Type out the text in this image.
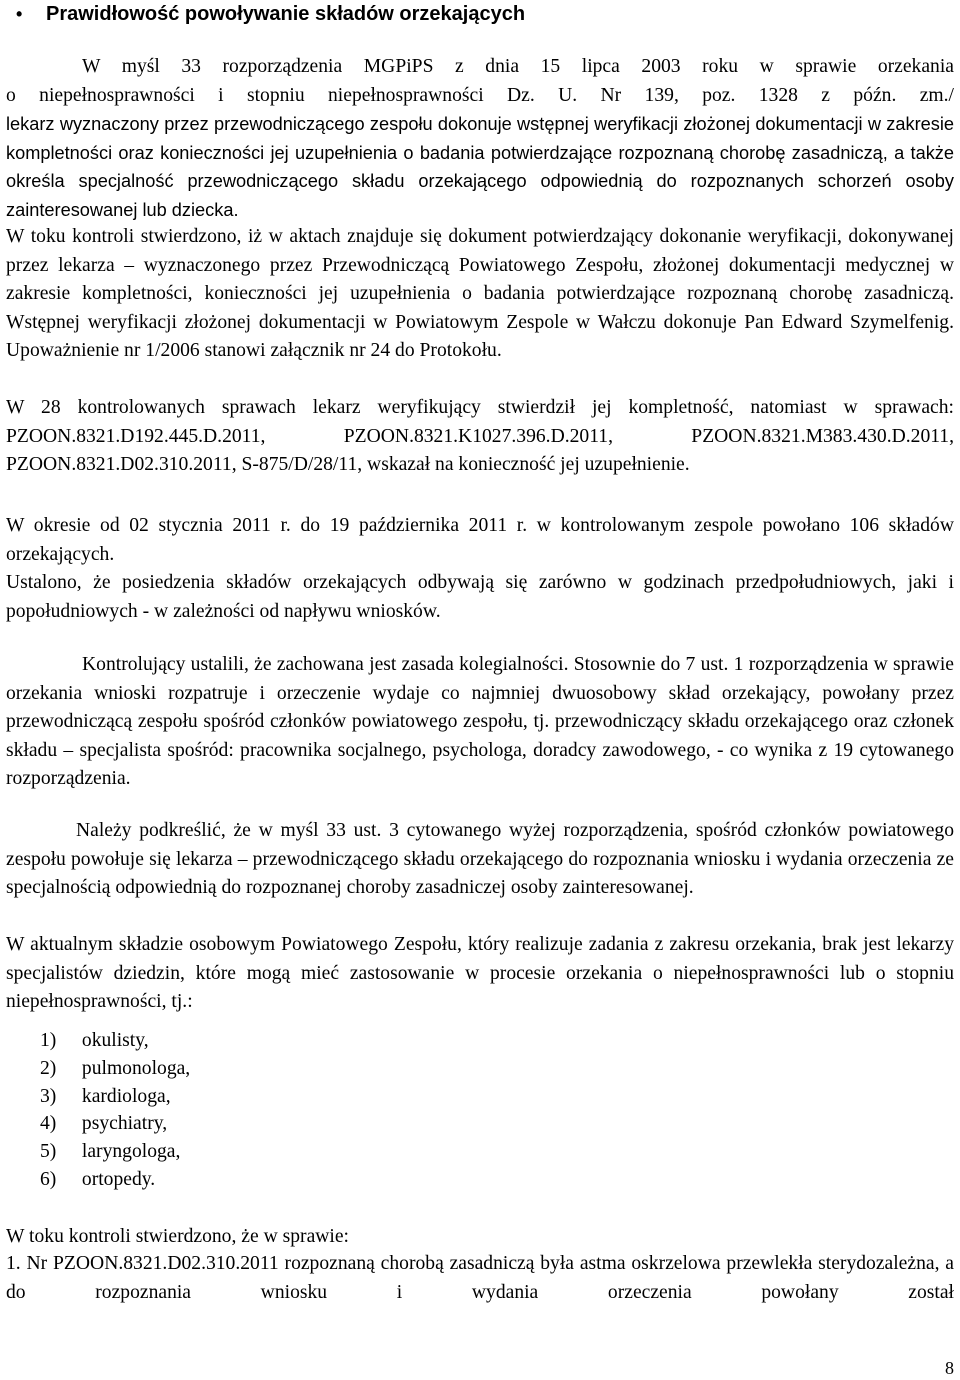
• Prawidłowość powoływanie składów orzekających

W myśl 33 rozporządzenia MGPiPS z dnia 15 lipca 2003 roku w sprawie orzekania

o niepełnosprawności i stopniu niepełnosprawności Dz. U. Nr 139, poz. 1328 z późn. zm./

lekarz wyznaczony przez przewodniczącego zespołu dokonuje wstępnej weryfikacji złożonej dokumentacji w zakresie kompletności oraz konieczności jej uzupełnienia o badania potwierdzające rozpoznaną chorobę zasadniczą, a także określa specjalność przewodniczącego składu orzekającego odpowiednią do rozpoznanych schorzeń osoby zainteresowanej lub dziecka.

W toku kontroli stwierdzono, iż w aktach znajduje się dokument potwierdzający dokonanie weryfikacji, dokonywanej przez lekarza – wyznaczonego przez Przewodniczącą Powiatowego Zespołu, złożonej dokumentacji medycznej w zakresie kompletności, konieczności jej uzupełnienia o badania potwierdzające rozpoznaną chorobę zasadniczą. Wstępnej weryfikacji złożonej dokumentacji w Powiatowym Zespole w Wałczu dokonuje Pan Edward Szymelfenig. Upoważnienie nr 1/2006 stanowi załącznik nr 24 do Protokołu.

W 28 kontrolowanych sprawach lekarz weryfikujący stwierdził jej kompletność, natomiast w sprawach: PZOON.8321.D192.445.D.2011, PZOON.8321.K1027.396.D.2011, PZOON.8321.M383.430.D.2011, PZOON.8321.D02.310.2011, S-875/D/28/11, wskazał na konieczność jej uzupełnienie.

W okresie od 02 stycznia 2011 r. do 19 października 2011 r. w kontrolowanym zespole powołano 106 składów orzekających.

Ustalono, że posiedzenia składów orzekających odbywają się zarówno w godzinach przedpołudniowych, jaki i popołudniowych - w zależności od napływu wniosków.

Kontrolujący ustalili, że zachowana jest zasada kolegialności. Stosownie do 7 ust. 1 rozporządzenia w sprawie orzekania wnioski rozpatruje i orzeczenie wydaje co najmniej dwuosobowy skład orzekający, powołany przez przewodniczącą zespołu spośród członków powiatowego zespołu, tj. przewodniczący składu orzekającego oraz członek składu – specjalista spośród: pracownika socjalnego, psychologa, doradcy zawodowego, - co wynika z 19 cytowanego rozporządzenia.

Należy podkreślić, że w myśl 33 ust. 3 cytowanego wyżej rozporządzenia, spośród członków powiatowego zespołu powołuje się lekarza – przewodniczącego składu orzekającego do rozpoznania wniosku i wydania orzeczenia ze specjalnością odpowiednią do rozpoznanej choroby zasadniczej osoby zainteresowanej.

W aktualnym składzie osobowym Powiatowego Zespołu, który realizuje zadania z zakresu orzekania, brak jest lekarzy specjalistów dziedzin, które mogą mieć zastosowanie w procesie orzekania o niepełnosprawności lub o stopniu niepełnosprawności, tj.:

1) okulisty,
2) pulmonologa,
3) kardiologa,
4) psychiatry,
5) laryngologa,
6) ortopedy.

W toku kontroli stwierdzono, że w sprawie:

1. Nr PZOON.8321.D02.310.2011 rozpoznaną chorobą zasadniczą była astma oskrzelowa przewlekła sterydozależna, a do rozpoznania wniosku i wydania orzeczenia powołany został

8
